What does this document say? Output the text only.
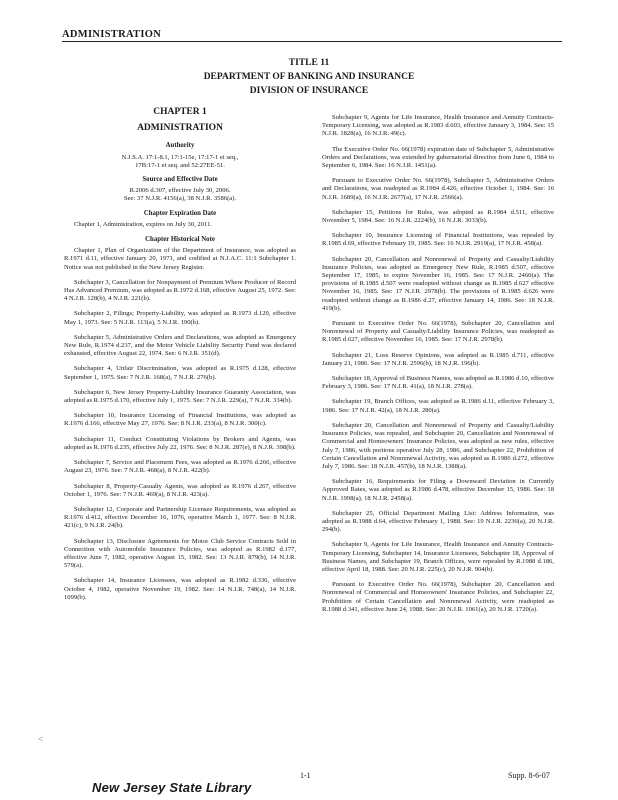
ADMINISTRATION
TITLE 11
DEPARTMENT OF BANKING AND INSURANCE
DIVISION OF INSURANCE
CHAPTER 1
ADMINISTRATION
Authority
N.J.S.A. 17:1-8.1, 17:1-15e, 17:17-1 et seq.,
17B:17-1 et seq. and 52:27EE-51.
Source and Effective Date
R.2006 d.307, effective July 30, 2006.
See: 37 N.J.R. 4156(a), 38 N.J.R. 3586(a).
Chapter Expiration Date

Chapter 1, Administration, expires on July 30, 2011.

Chapter Historical Note

Chapter 1, Plan of Organization of the Department of Insurance, was adopted as R.1971 d.11, effective January 20, 1971, and codified at N.J.A.C. 11:1 Subchapter 1. Notice was not published in the New Jersey Register.

Subchapter 3, Cancellation for Nonpayment of Premium Where Producer of Record Has Advanced Premium, was adopted as R.1972 d.168, effective August 25, 1972. See: 4 N.J.R. 128(b), 4 N.J.R. 221(b).

Subchapter 2, Filings; Property-Liability, was adopted as R.1973 d.120, effective May 1, 1973. See: 5 N.J.R. 113(a), 5 N.J.R. 190(b).

Subchapter 5, Administrative Orders and Declarations, was adopted as Emergency New Rule, R.1974 d.237, and the Motor Vehicle Liability Security Fund was declared exhausted, effective August 22, 1974. See: 6 N.J.R. 351(d).

Subchapter 4, Unfair Discrimination, was adopted as R.1975 d.128, effective September 1, 1975. See: 7 N.J.R. 168(a), 7 N.J.R. 276(b).

Subchapter 6, New Jersey Property-Liability Insurance Guaranty Association, was adopted as R.1975 d.170, effective July 1, 1975. See: 7 N.J.R. 229(a), 7 N.J.R. 334(b).

Subchapter 10, Insurance Licensing of Financial Institutions, was adopted as R.1976 d.166, effective May 27, 1976. See: 8 N.J.R. 233(a), 8 N.J.R. 300(c).

Subchapter 11, Conduct Constituting Violations by Brokers and Agents, was adopted as R.1976 d.235, effective July 22, 1976. See: 8 N.J.R. 287(e), 8 N.J.R. 398(b).

Subchapter 7, Service and Placement Fees, was adopted as R.1976 d.266, effective August 23, 1976. See: 7 N.J.R. 468(a), 8 N.J.R. 422(b).

Subchapter 8, Property-Casualty Agents, was adopted as R.1976 d.267, effective October 1, 1976. See: 7 N.J.R. 469(a), 8 N.J.R. 423(a).

Subchapter 12, Corporate and Partnership Licensee Requirements, was adopted as R.1976 d.412, effective December 16, 1976, operative March 1, 1977. See: 8 N.J.R. 421(c), 9 N.J.R. 24(b).

Subchapter 13, Disclosure Agreements for Motor Club Service Contracts Sold in Connection with Automobile Insurance Policies, was adopted as R.1982 d.177, effective June 7, 1982, operative August 15, 1982. See: 13 N.J.R. 879(b), 14 N.J.R. 579(a).

Subchapter 14, Insurance Licensees, was adopted as R.1982 d.336, effective October 4, 1982, operative November 19, 1982. See: 14 N.J.R. 748(a), 14 N.J.R. 1099(b).

Subchapter 9, Agents for Life Insurance, Health Insurance and Annuity Contracts-Temporary Licensing, was adopted as R.1983 d.603, effective January 3, 1984. See: 15 N.J.R. 1828(a), 16 N.J.R. 49(c).

The Executive Order No. 66(1978) expiration date of Subchapter 5, Administrative Orders and Declarations, was extended by gubernatorial directive from June 6, 1984 to September 6, 1984. See: 16 N.J.R. 1451(a).

Pursuant to Executive Order No. 66(1978), Subchapter 5, Administrative Orders and Declarations, was readopted as R.1984 d.426, effective October 1, 1984. See: 16 N.J.R. 1689(a), 16 N.J.R. 2677(a), 17 N.J.R. 2566(a).

Subchapter 15, Petitions for Rules, was adopted as R.1984 d.511, effective November 5, 1984. See: 16 N.J.R. 2224(b), 16 N.J.R. 3033(b).

Subchapter 10, Insurance Licensing of Financial Institutions, was repealed by R.1985 d.69, effective February 19, 1985. See: 16 N.J.R. 2919(a), 17 N.J.R. 458(a).

Subchapter 20, Cancellation and Nonrenewal of Property and Casualty/Liability Insurance Policies, was adopted as Emergency New Rule, R.1985 d.507, effective September 17, 1985, to expire November 16, 1985. See: 17 N.J.R. 2460(a). The provisions of R.1985 d.507 were readopted without change as R.1985 d.627 effective November 16, 1985. See: 17 N.J.R. 2978(b). The provisions of R.1985 d.626 were readopted without change as R.1986 d.27, effective January 14, 1986. See: 18 N.J.R. 419(b).

Pursuant to Executive Order No. 66(1978), Subchapter 20, Cancellation and Nonrenewal of Property and Casualty/Liability Insurance Policies, was readopted as R.1985 d.627, effective November 16, 1985. See: 17 N.J.R. 2978(b).

Subchapter 21, Loss Reserve Opinions, was adopted as R.1985 d.711, effective January 21, 1986. See: 17 N.J.R. 2596(b), 18 N.J.R. 196(b).

Subchapter 18, Approval of Business Names, was adopted as R.1986 d.10, effective February 3, 1986. See: 17 N.J.R. 41(a), 18 N.J.R. 278(a).

Subchapter 19, Branch Offices, was adopted as R.1986 d.11, effective February 3, 1986. See: 17 N.J.R. 42(a), 18 N.J.R. 280(a).

Subchapter 20, Cancellation and Nonrenewal of Property and Casualty/Liability Insurance Policies, was repealed, and Subchapter 20, Cancellation and Nonrenewal of Commercial and Homeowners' Insurance Policies, was adopted as new rules, effective July 7, 1986, with portions operative July 28, 1986, and Subchapter 22, Prohibition of Certain Cancellation and Nonrenewal Activity, was adopted as R.1986 d.272, effective July 7, 1986. See: 18 N.J.R. 457(b), 18 N.J.R. 1388(a).

Subchapter 16, Requirements for Filing a Downward Deviation in Currently Approved Rates, was adopted as R.1986 d.478, effective December 15, 1986. See: 18 N.J.R. 1998(a), 18 N.J.R. 2458(a).

Subchapter 25, Official Department Mailing List: Address Information, was adopted as R.1988 d.64, effective February 1, 1988. See: 19 N.J.R. 2236(a), 20 N.J.R. 294(b).

Subchapter 9, Agents for Life Insurance, Health Insurance and Annuity Contracts-Temporary Licensing, Subchapter 14, Insurance Licensees, Subchapter 18, Approval of Business Names, and Subchapter 19, Branch Offices, were repealed by R.1988 d.186, effective April 18, 1988. See: 20 N.J.R. 225(c), 20 N.J.R. 904(b).

Pursuant to Executive Order No. 66(1978), Subchapter 20, Cancellation and Nonrenewal of Commercial and Homeowners' Insurance Policies, and Subchapter 22, Prohibition of Certain Cancellation and Nonrenewal Activity, were readopted as R.1988 d.341, effective June 24, 1988. See: 20 N.J.R. 1061(a), 20 N.J.R. 1720(a).

<
1-1	Supp. 8-6-07
New Jersey State Library
